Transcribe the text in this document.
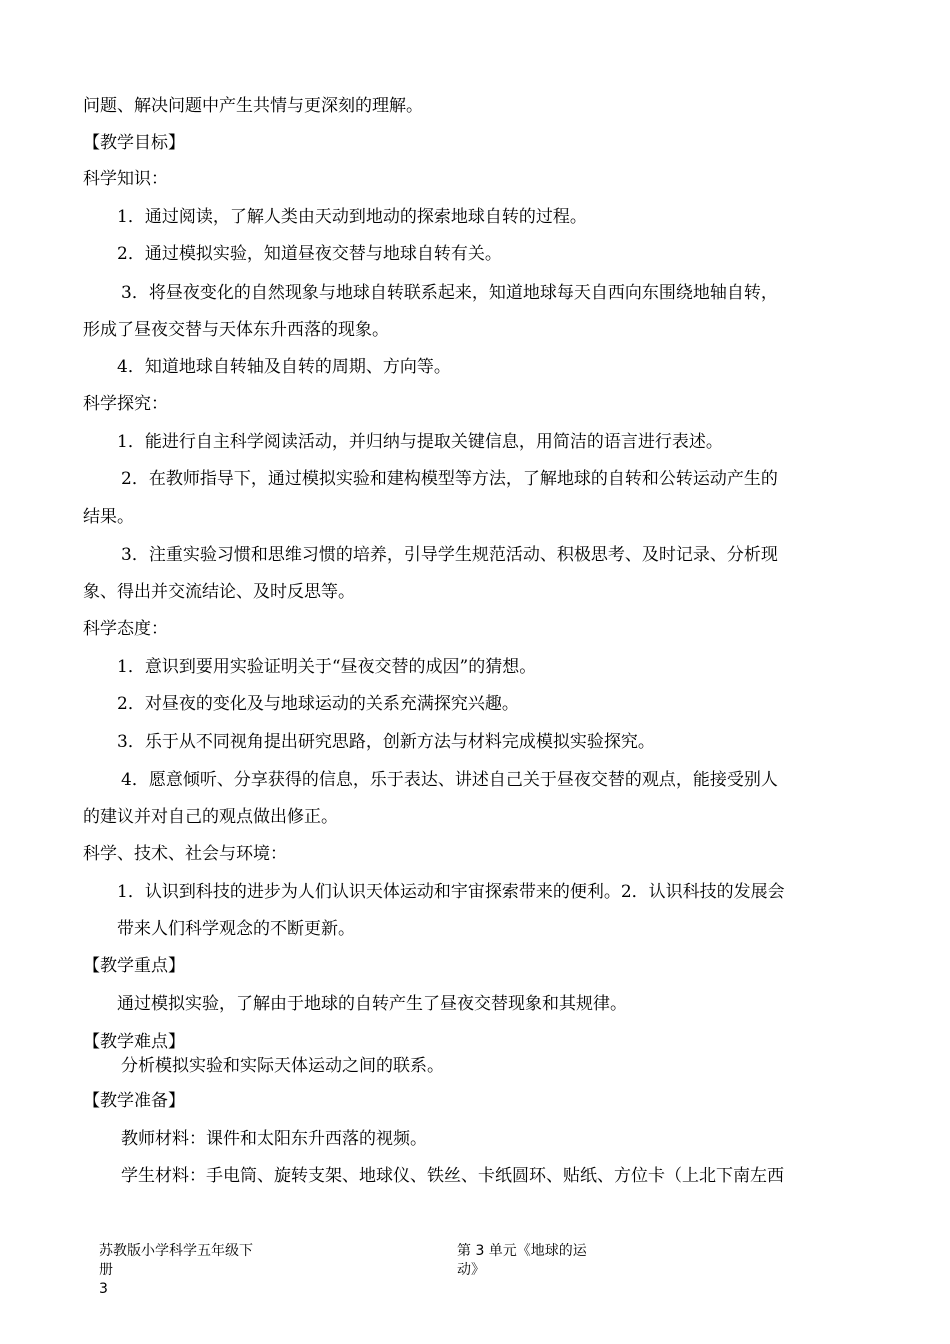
问题、解决问题中产生共情与更深刻的理解。
【教学目标】
科学知识：
1．通过阅读，了解人类由天动到地动的探索地球自转的过程。
2．通过模拟实验，知道昼夜交替与地球自转有关。
3．将昼夜变化的自然现象与地球自转联系起来，知道地球每天自西向东围绕地轴自转，
形成了昼夜交替与天体东升西落的现象。
4．知道地球自转轴及自转的周期、方向等。
科学探究：
1．能进行自主科学阅读活动，并归纳与提取关键信息，用简洁的语言进行表述。
2．在教师指导下，通过模拟实验和建构模型等方法，了解地球的自转和公转运动产生的
结果。
3．注重实验习惯和思维习惯的培养，引导学生规范活动、积极思考、及时记录、分析现
象、得出并交流结论、及时反思等。
科学态度：
1．意识到要用实验证明关于“昼夜交替的成因”的猜想。
2．对昼夜的变化及与地球运动的关系充满探究兴趣。
3．乐于从不同视角提出研究思路，创新方法与材料完成模拟实验探究。
4．愿意倾听、分享获得的信息，乐于表达、讲述自己关于昼夜交替的观点，能接受别人
的建议并对自己的观点做出修正。
科学、技术、社会与环境：
1．认识到科技的进步为人们认识天体运动和宇宙探索带来的便利。2．认识科技的发展会
带来人们科学观念的不断更新。
【教学重点】
通过模拟实验，了解由于地球的自转产生了昼夜交替现象和其规律。
【教学难点】
分析模拟实验和实际天体运动之间的联系。
【教学准备】
教师材料：课件和太阳东升西落的视频。
学生材料：手电筒、旋转支架、地球仪、铁丝、卡纸圆环、贴纸、方位卡（上北下南左西
苏教版小学科学五年级下
册
3
第 3 单元《地球的运
动》
